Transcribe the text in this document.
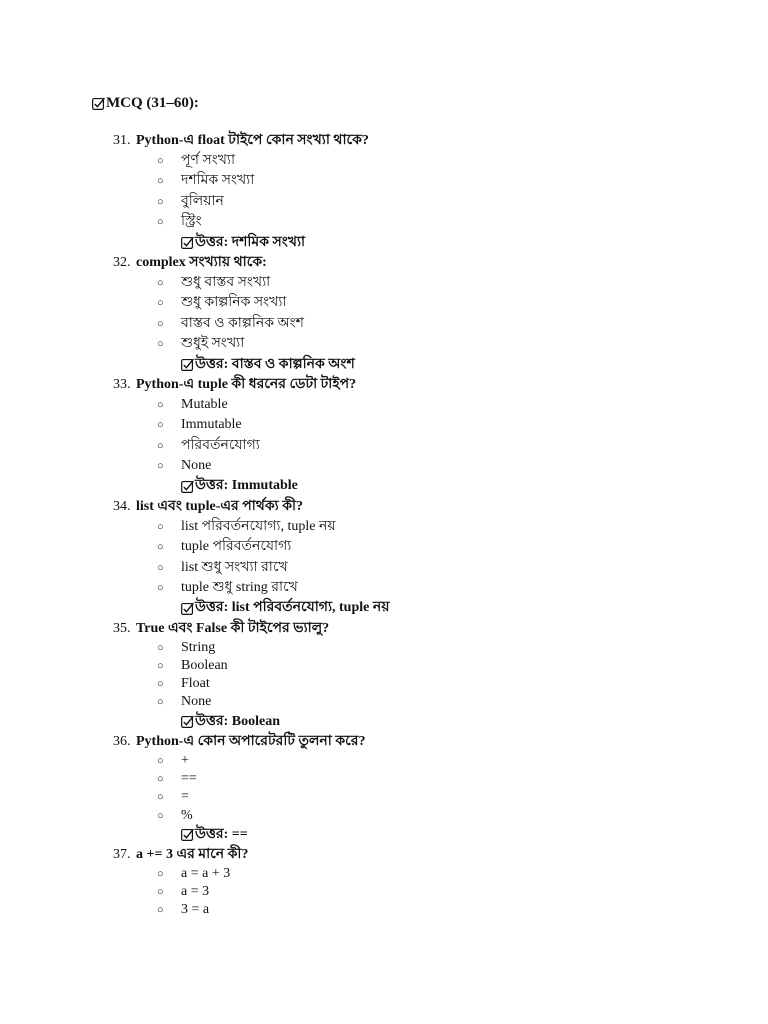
MCQ (31–60):
31. Python-এ float টাইপে কোন সংখ্যা থাকে?
○ পূর্ণ সংখ্যা
○ দশমিক সংখ্যা
○ বুলিয়ান
○ স্ট্রিং
উত্তর: দশমিক সংখ্যা
32. complex সংখ্যায় থাকে:
○ শুধু বাস্তব সংখ্যা
○ শুধু কাল্পনিক সংখ্যা
○ বাস্তব ও কাল্পনিক অংশ
○ শুধুই সংখ্যা
উত্তর: বাস্তব ও কাল্পনিক অংশ
33. Python-এ tuple কী ধরনের ডেটা টাইপ?
○ Mutable
○ Immutable
○ পরিবর্তনযোগ্য
○ None
উত্তর: Immutable
34. list এবং tuple-এর পার্থক্য কী?
○ list পরিবর্তনযোগ্য, tuple নয়
○ tuple পরিবর্তনযোগ্য
○ list শুধু সংখ্যা রাখে
○ tuple শুধু string রাখে
উত্তর: list পরিবর্তনযোগ্য, tuple নয়
35. True এবং False কী টাইপের ভ্যালু?
○ String
○ Boolean
○ Float
○ None
উত্তর: Boolean
36. Python-এ কোন অপারেটরটি তুলনা করে?
○ +
○ ==
○ =
○ %
উত্তর: ==
37. a += 3 এর মানে কী?
○ a = a + 3
○ a = 3
○ 3 = a
